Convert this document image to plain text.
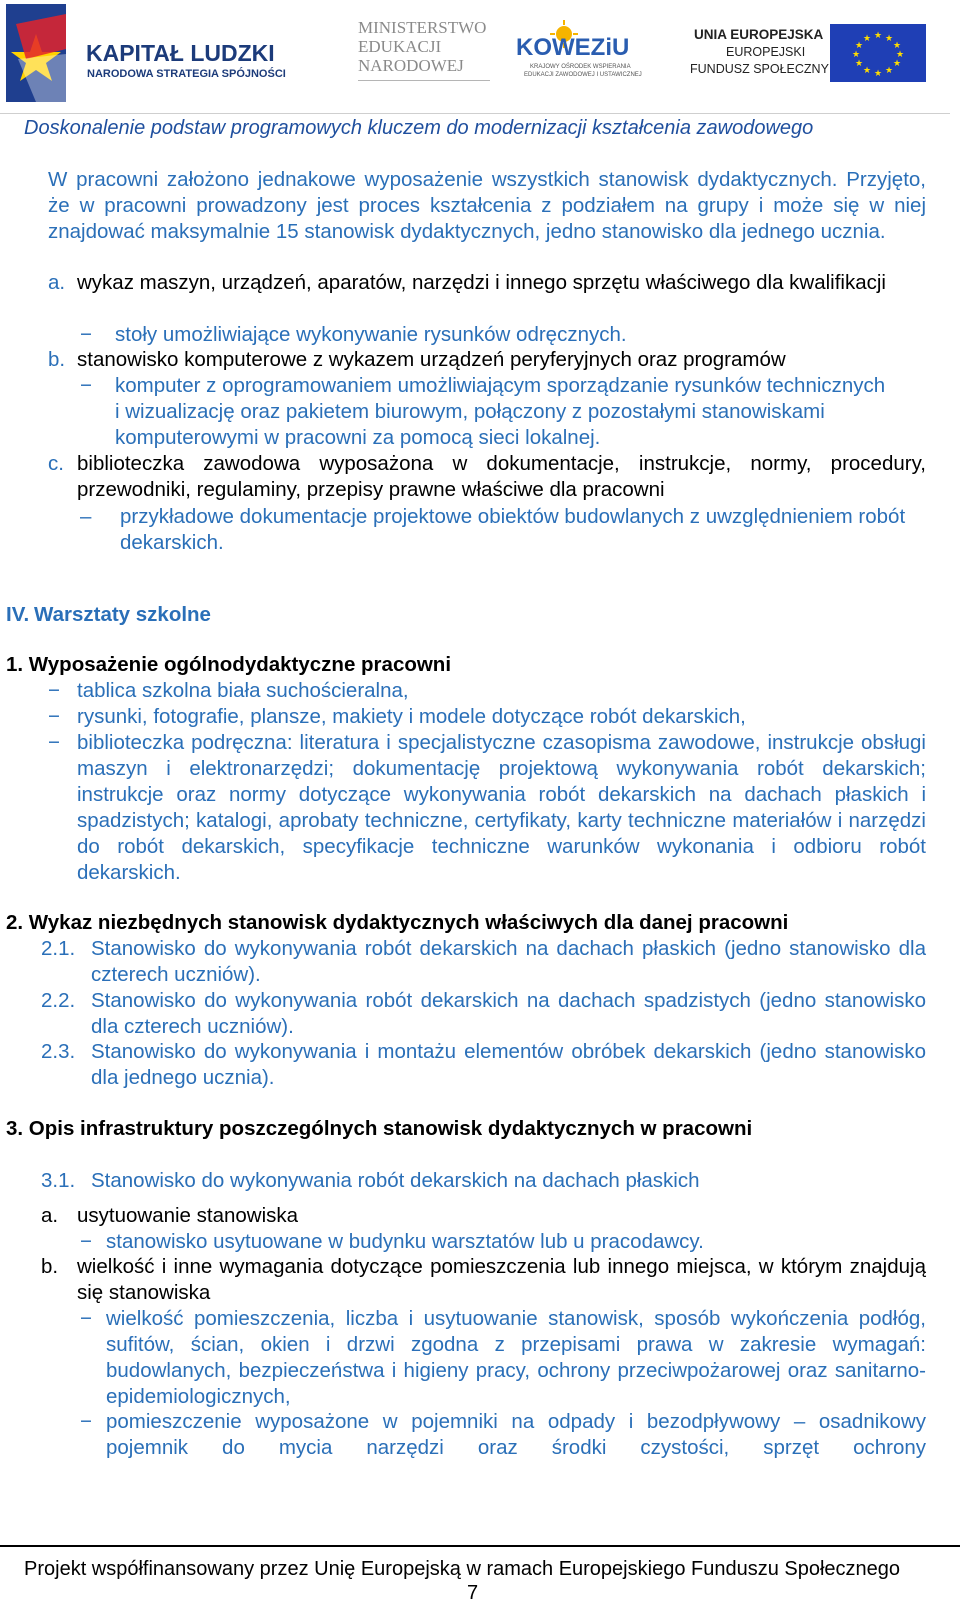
KAPITAŁ LUDZKI
NARODOWA STRATEGIA SPÓJNOŚCI
MINISTERSTWO
EDUKACJI
NARODOWEJ
KOWEZiU
KRAJOWY OŚRODEK WSPIERANIA
EDUKACJI ZAWODOWEJ I USTAWICZNEJ
UNIA EUROPEJSKA
EUROPEJSKI
FUNDUSZ SPOŁECZNY
★ ★
★
★
★
★
★
★
★
★
★
★
Doskonalenie podstaw programowych kluczem do modernizacji kształcenia zawodowego
W pracowni założono jednakowe wyposażenie wszystkich stanowisk dydaktycznych. Przyjęto, że w pracowni prowadzony jest proces kształcenia z podziałem na grupy i może się w niej znajdować maksymalnie 15 stanowisk dydaktycznych, jedno stanowisko dla jednego ucznia.
a. wykaz maszyn, urządzeń, aparatów, narzędzi i innego sprzętu właściwego dla kwalifikacji
− stoły umożliwiające wykonywanie rysunków odręcznych.
b. stanowisko komputerowe z wykazem urządzeń peryferyjnych oraz programów
− komputer z oprogramowaniem umożliwiającym sporządzanie rysunków technicznych i wizualizację oraz pakietem biurowym, połączony z pozostałymi stanowiskami komputerowymi w pracowni za pomocą sieci lokalnej.
c. biblioteczka zawodowa wyposażona w dokumentacje, instrukcje, normy, procedury, przewodniki, regulaminy, przepisy prawne właściwe dla pracowni
– przykładowe dokumentacje projektowe obiektów budowlanych z uwzględnieniem robót dekarskich.
IV. Warsztaty szkolne
1. Wyposażenie ogólnodydaktyczne pracowni
− tablica szkolna biała suchościeralna,
− rysunki, fotografie, plansze, makiety i modele dotyczące robót dekarskich,
− biblioteczka podręczna: literatura i specjalistyczne czasopisma zawodowe, instrukcje obsługi maszyn i elektronarzędzi; dokumentację projektową wykonywania robót dekarskich; instrukcje oraz normy dotyczące wykonywania robót dekarskich na dachach płaskich i spadzistych; katalogi, aprobaty techniczne, certyfikaty, karty techniczne materiałów i narzędzi do robót dekarskich, specyfikacje techniczne warunków wykonania i odbioru robót dekarskich.
2. Wykaz niezbędnych stanowisk dydaktycznych właściwych dla danej pracowni
2.1. Stanowisko do wykonywania robót dekarskich na dachach płaskich (jedno stanowisko dla czterech uczniów).
2.2. Stanowisko do wykonywania robót dekarskich na dachach spadzistych (jedno stanowisko dla czterech uczniów).
2.3. Stanowisko do wykonywania i montażu elementów obróbek dekarskich (jedno stanowisko dla jednego ucznia).
3. Opis infrastruktury poszczególnych stanowisk dydaktycznych w pracowni
3.1. Stanowisko do wykonywania robót dekarskich na dachach płaskich
a. usytuowanie stanowiska
− stanowisko usytuowane w budynku warsztatów lub u pracodawcy.
b. wielkość i inne wymagania dotyczące pomieszczenia lub innego miejsca, w którym znajdują się stanowiska
− wielkość pomieszczenia, liczba i usytuowanie stanowisk, sposób wykończenia podłóg, sufitów, ścian, okien i drzwi zgodna z przepisami prawa w zakresie wymagań: budowlanych, bezpieczeństwa i higieny pracy, ochrony przeciwpożarowej oraz sanitarno-epidemiologicznych,
− pomieszczenie wyposażone w pojemniki na odpady i bezodpływowy – osadnikowy pojemnik do mycia narzędzi oraz środki czystości, sprzęt ochrony
Projekt współfinansowany przez Unię Europejską w ramach Europejskiego Funduszu Społecznego
7
